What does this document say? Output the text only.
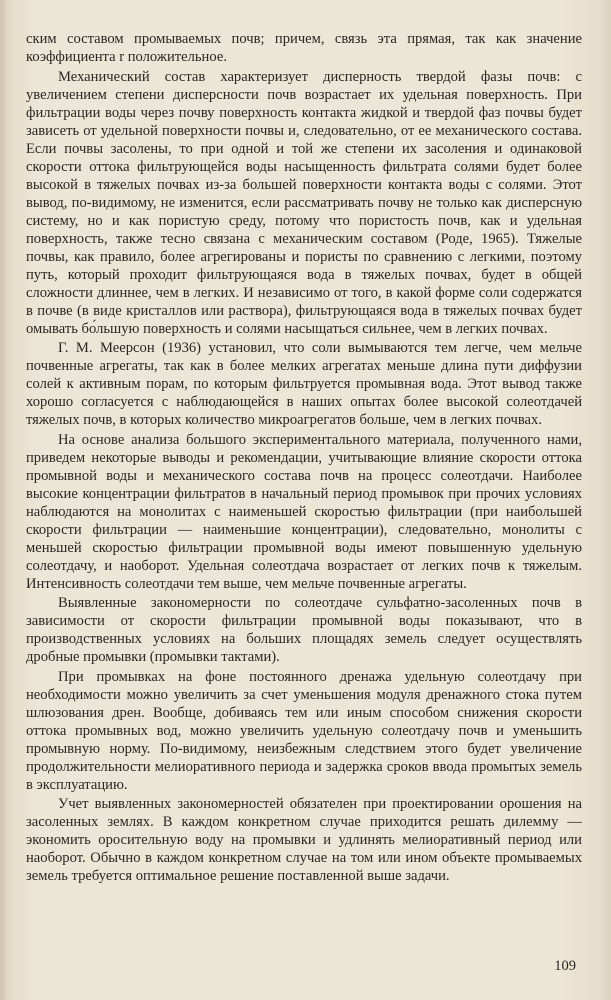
ским составом промываемых почв; причем, связь эта прямая, так как значение коэффициента r положительное.

Механический состав характеризует дисперность твердой фазы почв: с увеличением степени дисперсности почв возрастает их удельная поверхность. При фильтрации воды через почву поверхность контакта жидкой и твердой фаз почвы будет зависеть от удельной поверхности почвы и, следовательно, от ее механического состава. Если почвы засолены, то при одной и той же степени их засоления и одинаковой скорости оттока фильтрующейся воды насыщенность фильтрата солями будет более высокой в тяжелых почвах из-за большей поверхности контакта воды с солями. Этот вывод, по-видимому, не изменится, если рассматривать почву не только как дисперсную систему, но и как пористую среду, потому что пористость почв, как и удельная поверхность, также тесно связана с механическим составом (Роде, 1965). Тяжелые почвы, как правило, более агрегированы и пористы по сравнению с легкими, поэтому путь, который проходит фильтрующаяся вода в тяжелых почвах, будет в общей сложности длиннее, чем в легких. И независимо от того, в какой форме соли содержатся в почве (в виде кристаллов или раствора), фильтрующаяся вода в тяжелых почвах будет омывать бо́льшую поверхность и солями насыщаться сильнее, чем в легких почвах.

Г. М. Меерсон (1936) установил, что соли вымываются тем легче, чем мельче почвенные агрегаты, так как в более мелких агрегатах меньше длина пути диффузии солей к активным порам, по которым фильтруется промывная вода. Этот вывод также хорошо согласуется с наблюдающейся в наших опытах более высокой солеотдачей тяжелых почв, в которых количество микроагрегатов больше, чем в легких почвах.

На основе анализа большого экспериментального материала, полученного нами, приведем некоторые выводы и рекомендации, учитывающие влияние скорости оттока промывной воды и механического состава почв на процесс солеотдачи. Наиболее высокие концентрации фильтратов в начальный период промывок при прочих условиях наблюдаются на монолитах с наименьшей скоростью фильтрации (при наибольшей скорости фильтрации — наименьшие концентрации), следовательно, монолиты с меньшей скоростью фильтрации промывной воды имеют повышенную удельную солеотдачу, и наоборот. Удельная солеотдача возрастает от легких почв к тяжелым. Интенсивность солеотдачи тем выше, чем мельче почвенные агрегаты.

Выявленные закономерности по солеотдаче сульфатно-засоленных почв в зависимости от скорости фильтрации промывной воды показывают, что в производственных условиях на больших площадях земель следует осуществлять дробные промывки (промывки тактами).

При промывках на фоне постоянного дренажа удельную солеотдачу при необходимости можно увеличить за счет уменьшения модуля дренажного стока путем шлюзования дрен. Вообще, добиваясь тем или иным способом снижения скорости оттока промывных вод, можно увеличить удельную солеотдачу почв и уменьшить промывную норму. По-видимому, неизбежным следствием этого будет увеличение продолжительности мелиоративного периода и задержка сроков ввода промытых земель в эксплуатацию.

Учет выявленных закономерностей обязателен при проектировании орошения на засоленных землях. В каждом конкретном случае приходится решать дилемму — экономить оросительную воду на промывки и удлинять мелиоративный период или наоборот. Обычно в каждом конкретном случае на том или ином объекте промываемых земель требуется оптимальное решение поставленной выше задачи.

109
